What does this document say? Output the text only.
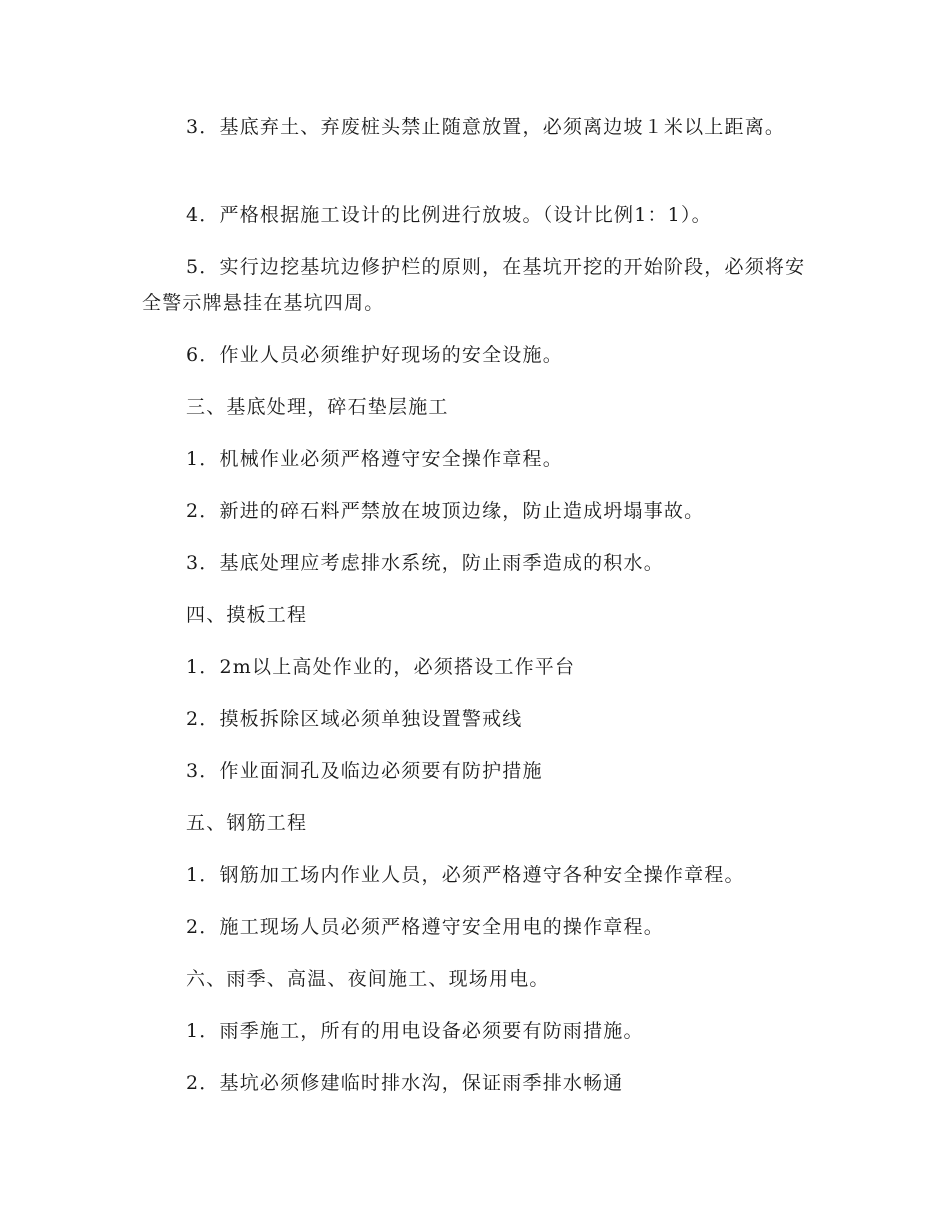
3．基底弃土、弃废桩头禁止随意放置，必须离边坡１米以上距离。

4．严格根据施工设计的比例进行放坡。（设计比例1：1）。

5．实行边挖基坑边修护栏的原则，在基坑开挖的开始阶段，必须将安全警示牌悬挂在基坑四周。

6．作业人员必须维护好现场的安全设施。

三、基底处理，碎石垫层施工

1．机械作业必须严格遵守安全操作章程。

2．新进的碎石料严禁放在坡顶边缘，防止造成坍塌事故。

3．基底处理应考虑排水系统，防止雨季造成的积水。

四、摸板工程

1．2m以上高处作业的，必须搭设工作平台

2．摸板拆除区域必须单独设置警戒线

3．作业面洞孔及临边必须要有防护措施

五、钢筋工程

1．钢筋加工场内作业人员，必须严格遵守各种安全操作章程。

2．施工现场人员必须严格遵守安全用电的操作章程。

六、雨季、高温、夜间施工、现场用电。

1．雨季施工，所有的用电设备必须要有防雨措施。

2．基坑必须修建临时排水沟，保证雨季排水畅通
